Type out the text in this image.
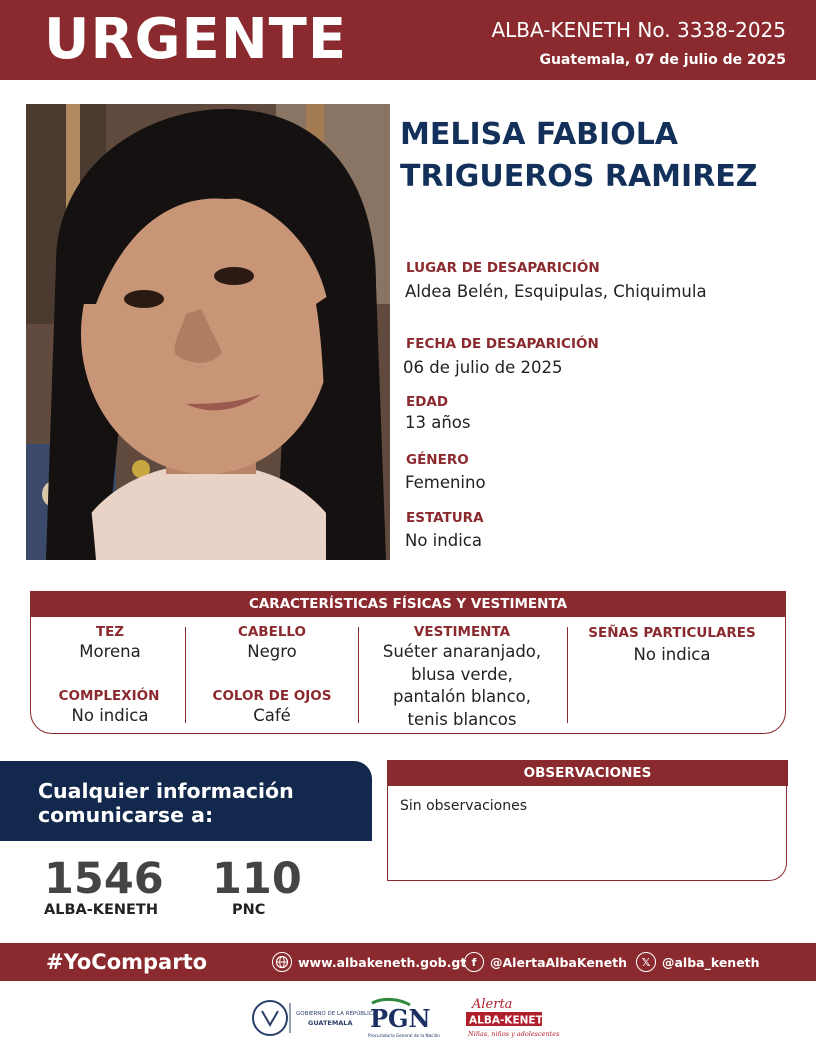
URGENTE	ALBA-KENETH No. 3338-2025
Guatemala, 07 de julio de 2025
MELISA FABIOLA
TRIGUEROS RAMIREZ
LUGAR DE DESAPARICIÓN
Aldea Belén, Esquipulas, Chiquimula
FECHA DE DESAPARICIÓN
06 de julio de 2025
EDAD
13 años
GÉNERO
Femenino
ESTATURA
No indica
CARACTERÍSTICAS FÍSICAS Y VESTIMENTA
TEZ
Morena
COMPLEXIÓN
No indica
CABELLO
Negro
COLOR DE OJOS
Café
VESTIMENTA
Suéter anaranjado,
blusa verde,
pantalón blanco,
tenis blancos
SEÑAS PARTICULARES
No indica
Cualquier información
comunicarse a:
1546
ALBA-KENETH
110
PNC
OBSERVACIONES
Sin observaciones
#YoComparto	www.albakeneth.gob.gt f	@AlertaAlbaKeneth	𝕏 @alba_keneth
GOBIERNO DE LA REPÚBLICA
GUATEMALA PGN
Procuraduría General de la Nación
Alerta
ALBA-KENETH
Niñas, niños y adolescentes
